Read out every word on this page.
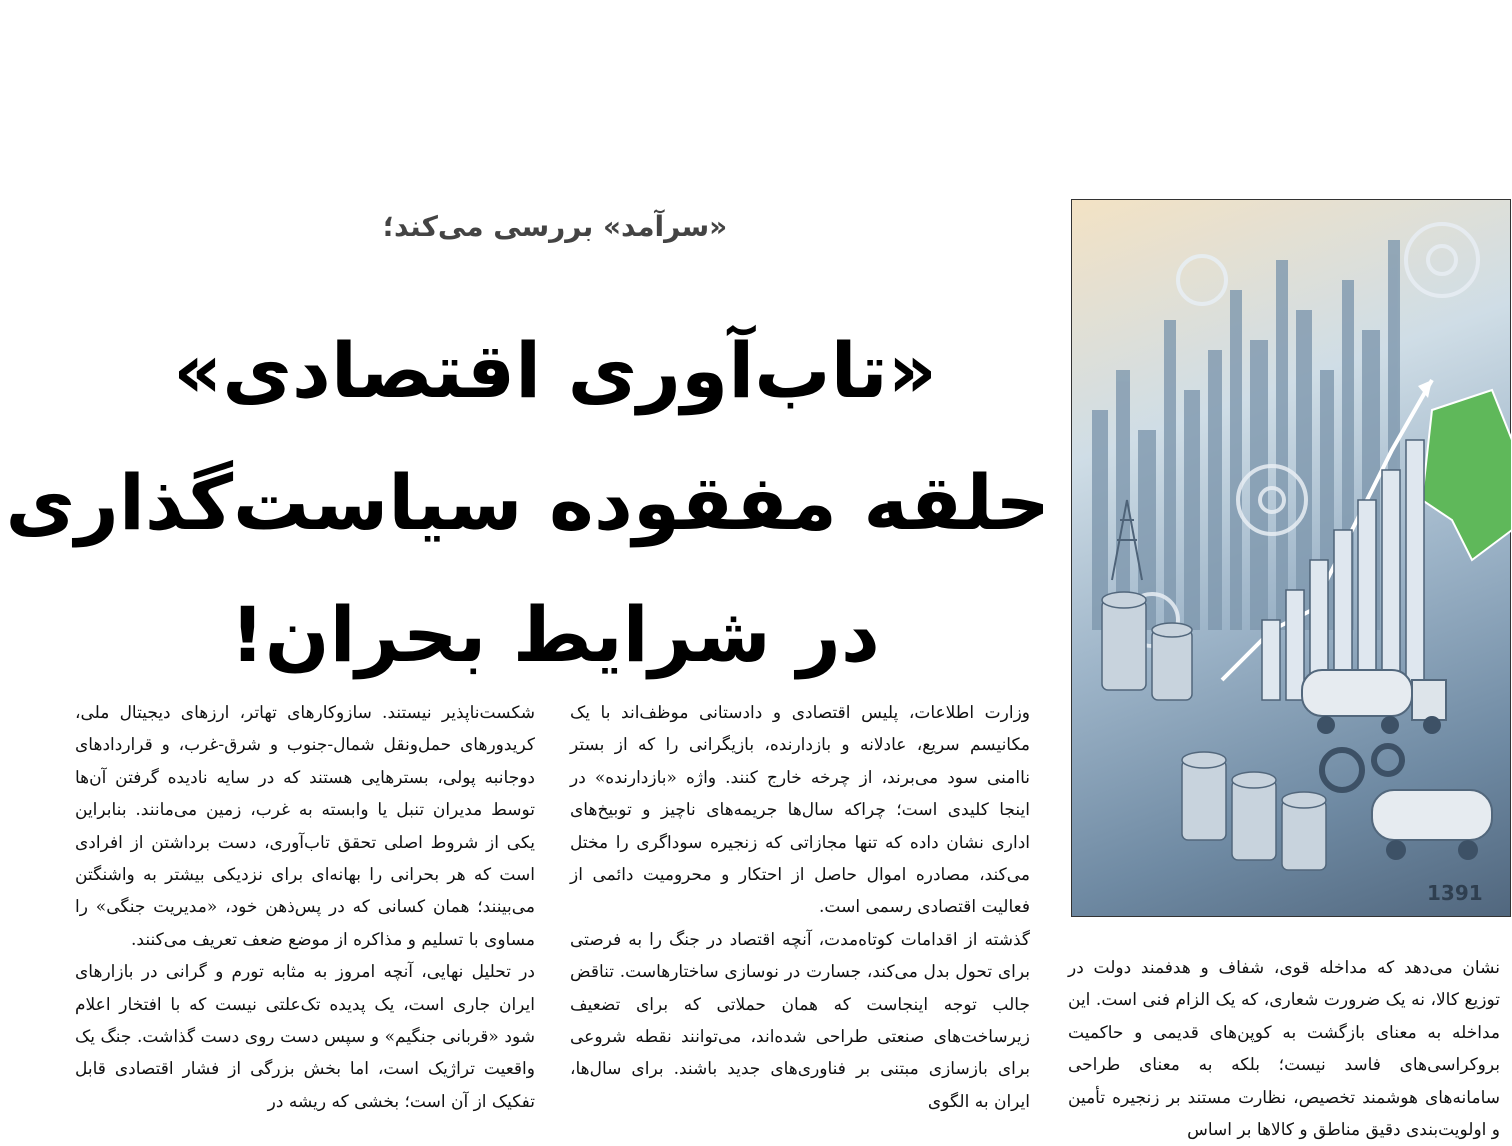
«سرآمد» بررسی می‌کند؛
«تاب‌آوری اقتصادی»
حلقه مفقوده سیاست‌گذاری
در شرایط بحران!
1391

وزارت اطلاعات، پلیس اقتصادی و دادستانی موظف‌اند با یک مکانیسم سریع، عادلانه و بازدارنده، بازیگرانی را که از بستر ناامنی سود می‌برند، از چرخه خارج کنند. واژه «بازدارنده» در اینجا کلیدی است؛ چراکه سال‌ها جریمه‌های ناچیز و توبیخ‌های اداری نشان داده که تنها مجازاتی که زنجیره سوداگری را مختل می‌کند، مصادره اموال حاصل از احتکار و محرومیت دائمی از فعالیت اقتصادی رسمی است.

گذشته از اقدامات کوتاه‌مدت، آنچه اقتصاد در جنگ را به فرصتی برای تحول بدل می‌کند، جسارت در نوسازی ساختارهاست. تناقض جالب توجه اینجاست که همان حملاتی که برای تضعیف زیرساخت‌های صنعتی طراحی شده‌اند، می‌توانند نقطه شروعی برای بازسازی مبتنی بر فناوری‌های جدید باشند. برای سال‌ها، ایران به الگوی

شکست‌ناپذیر نیستند. سازوکارهای تهاتر، ارزهای دیجیتال ملی، کریدورهای حمل‌ونقل شمال-جنوب و شرق-غرب، و قراردادهای دوجانبه پولی، بسترهایی هستند که در سایه نادیده گرفتن آن‌ها توسط مدیران تنبل یا وابسته به غرب، زمین می‌مانند. بنابراین یکی از شروط اصلی تحقق تاب‌آوری، دست برداشتن از افرادی است که هر بحرانی را بهانه‌ای برای نزدیکی بیشتر به واشنگتن می‌بینند؛ همان کسانی که در پس‌ذهن خود، «مدیریت جنگی» را مساوی با تسلیم و مذاکره از موضع ضعف تعریف می‌کنند.

در تحلیل نهایی، آنچه امروز به مثابه تورم و گرانی در بازارهای ایران جاری است، یک پدیده تک‌علتی نیست که با افتخار اعلام شود «قربانی جنگیم» و سپس دست روی دست گذاشت. جنگ یک واقعیت تراژیک است، اما بخش بزرگی از فشار اقتصادی قابل تفکیک از آن است؛ بخشی که ریشه در

نشان می‌دهد که مداخله قوی، شفاف و هدفمند دولت در توزیع کالا، نه یک ضرورت شعاری، که یک الزام فنی است. این مداخله به معنای بازگشت به کوپن‌های قدیمی و حاکمیت بروکراسی‌های فاسد نیست؛ بلکه به معنای طراحی سامانه‌های هوشمند تخصیص، نظارت مستند بر زنجیره تأمین و اولویت‌بندی دقیق مناطق و کالاها بر اساس
